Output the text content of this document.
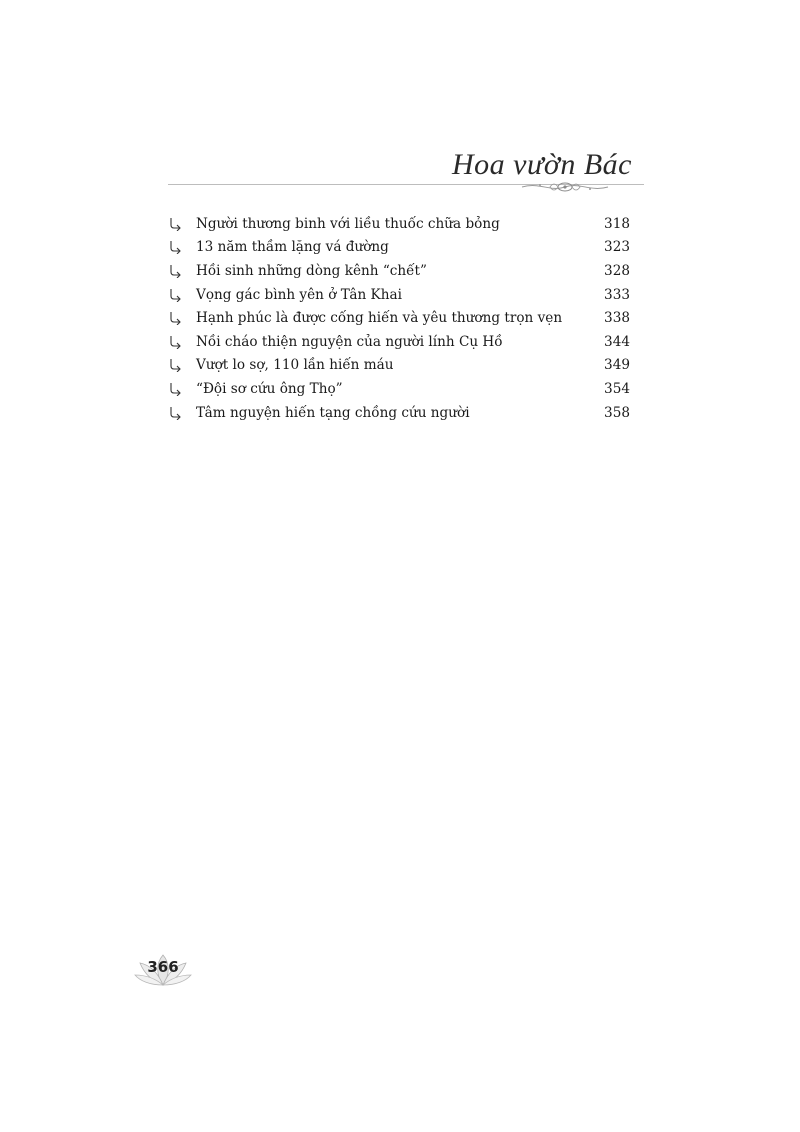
Hoa vườn Bác
Người thương binh với liều thuốc chữa bỏng	318
13 năm thầm lặng vá đường	323
Hồi sinh những dòng kênh “chết”	328
Vọng gác bình yên ở Tân Khai	333
Hạnh phúc là được cống hiến và yêu thương trọn vẹn	338
Nồi cháo thiện nguyện của người lính Cụ Hồ	344
Vượt lo sợ, 110 lần hiến máu	349
“Đội sơ cứu ông Thọ”	354
Tâm nguyện hiến tạng chồng cứu người	358
366
